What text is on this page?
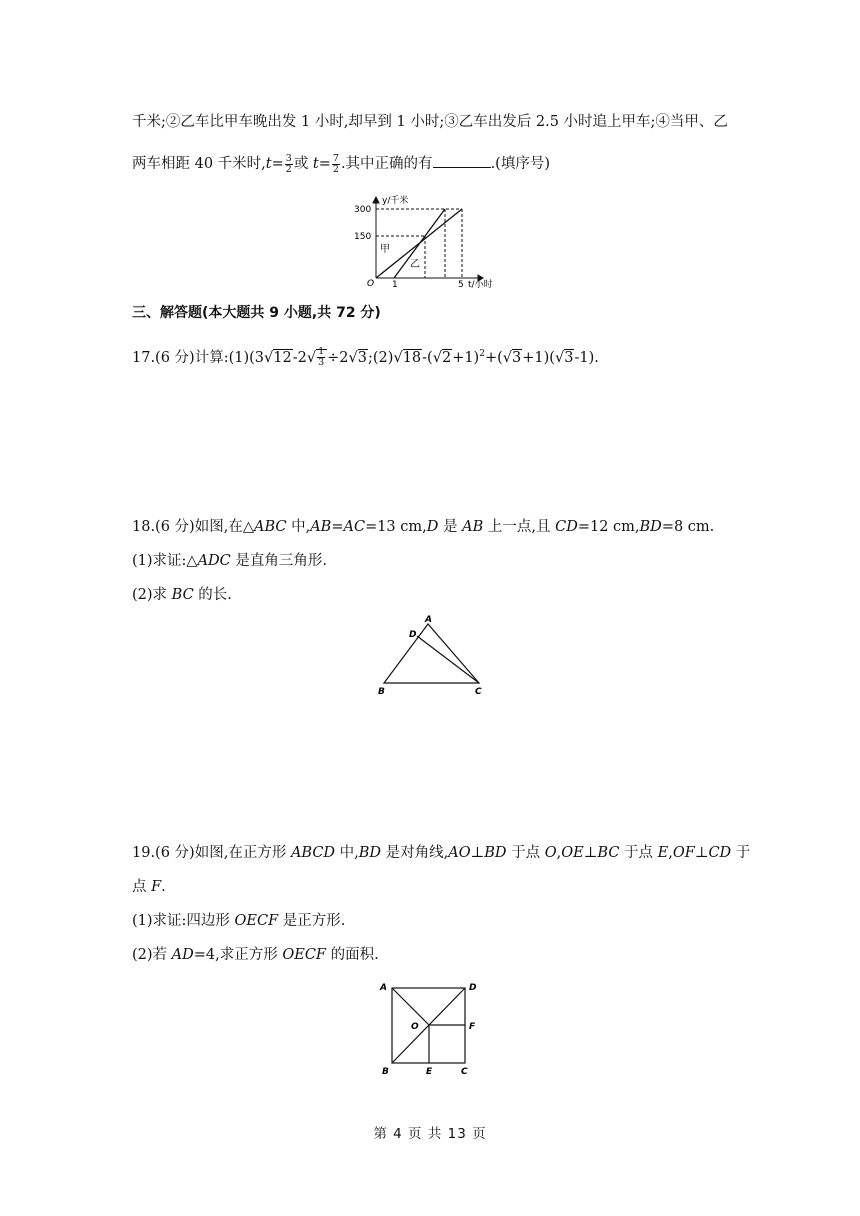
千米;②乙车比甲车晚出发 1 小时,却早到 1 小时;③乙车出发后 2.5 小时追上甲车;④当甲、乙
两车相距 40 千米时$,t= \frac{3}{2}$ 或 $t= \frac{7}{2}$ .其中正确的有	.(填序号)
y/千米
300
150
O 1	5 t/小时
甲
乙
三、解答题(本大题共 9 小题,共 72 分)
17.(6 分)计算:(1)(3√12-2√ $\frac{1}{3}$ $\div 2√3;(2)√18-(√2+1)^2+(√3+1)(√3-1)$.
18.(6 分)如图,在△ABC 中,AB=AC=13 cm,D 是 AB 上一点,且 CD=12 cm,BD=8 cm.
(1)求证:△ADC 是直角三角形.
(2)求 BC 的长.
A
D
B	C
19.(6 分)如图,在正方形 ABCD 中,BD 是对角线,AO⊥BD 于点 O,OE⊥BC 于点 E,OF⊥CD 于
点 F.
(1)求证:四边形 OECF 是正方形.
(2)若 AD=4,求正方形 OECF 的面积.
A	D
O	F
B	E	C
第 4 页 共 13 页
